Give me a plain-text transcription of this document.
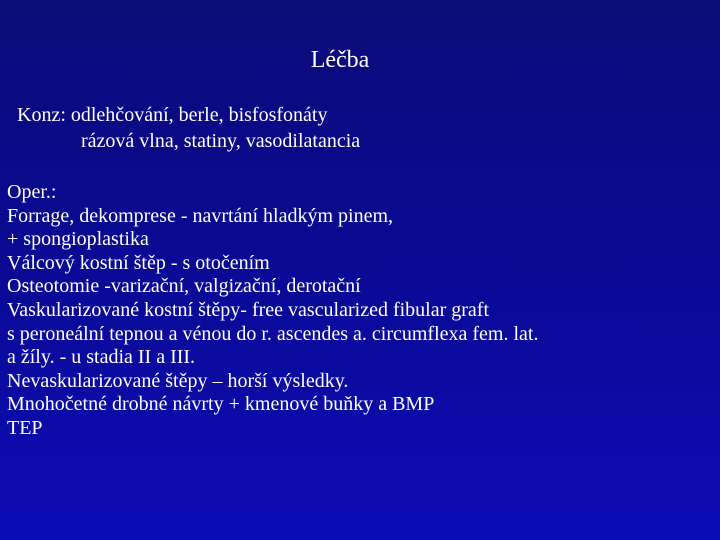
Léčba
Konz: odlehčování, berle, bisfosfonáty
rázová vlna, statiny, vasodilatancia
Oper.:
Forrage, dekomprese - navrtání hladkým pinem,
+ spongioplastika
Válcový kostní štěp - s otočením
Osteotomie -varizační, valgizační, derotační
Vaskularizované kostní štěpy- free vascularized fibular graft
s peroneální tepnou a vénou do r. ascendes a. circumflexa fem. lat.
a žíly. - u stadia II a III.
Nevaskularizované štěpy – horší výsledky.
Mnohočetné drobné návrty + kmenové buňky a BMP
TEP
